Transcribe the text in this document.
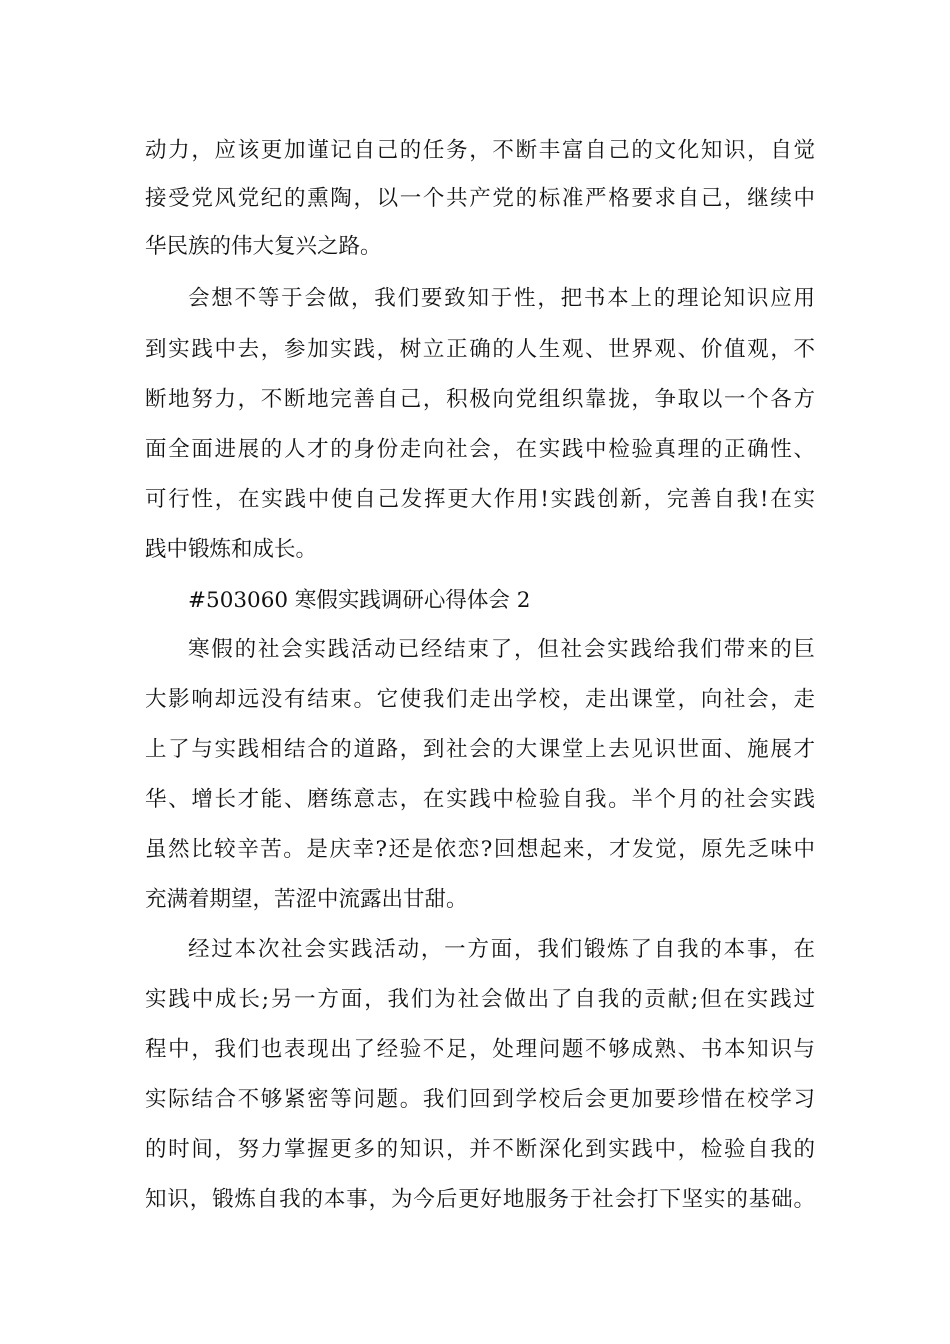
动力，应该更加谨记自己的任务，不断丰富自己的文化知识，自觉
接受党风党纪的熏陶，以一个共产党的标准严格要求自己，继续中
华民族的伟大复兴之路。
会想不等于会做，我们要致知于性，把书本上的理论知识应用
到实践中去，参加实践，树立正确的人生观、世界观、价值观，不
断地努力，不断地完善自己，积极向党组织靠拢，争取以一个各方
面全面进展的人才的身份走向社会，在实践中检验真理的正确性、
可行性，在实践中使自己发挥更大作用!实践创新，完善自我!在实
践中锻炼和成长。
#503060 寒假实践调研心得体会 2
寒假的社会实践活动已经结束了，但社会实践给我们带来的巨
大影响却远没有结束。它使我们走出学校，走出课堂，向社会，走
上了与实践相结合的道路，到社会的大课堂上去见识世面、施展才
华、增长才能、磨练意志，在实践中检验自我。半个月的社会实践
虽然比较辛苦。是庆幸?还是依恋?回想起来，才发觉，原先乏味中
充满着期望，苦涩中流露出甘甜。
经过本次社会实践活动，一方面，我们锻炼了自我的本事，在
实践中成长;另一方面，我们为社会做出了自我的贡献;但在实践过
程中，我们也表现出了经验不足，处理问题不够成熟、书本知识与
实际结合不够紧密等问题。我们回到学校后会更加要珍惜在校学习
的时间，努力掌握更多的知识，并不断深化到实践中，检验自我的
知识，锻炼自我的本事，为今后更好地服务于社会打下坚实的基础。
